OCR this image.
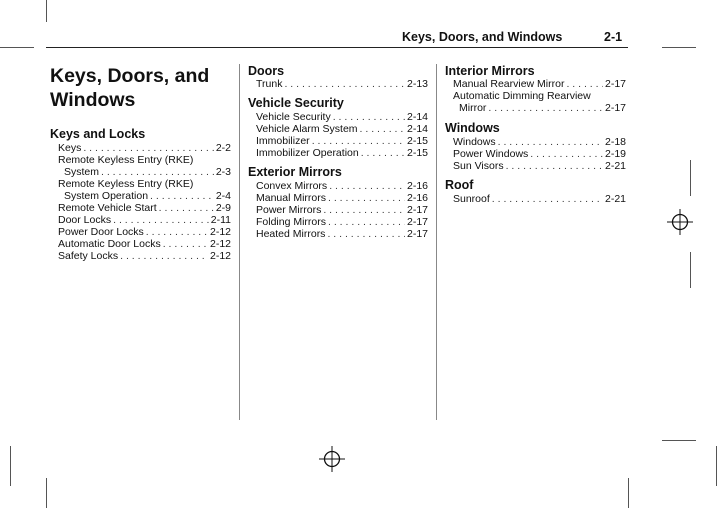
Keys, Doors, and Windows	2-1
Keys, Doors, and Windows
Keys and Locks
Keys . . .	2-2
Remote Keyless Entry (RKE)
System . . .	2-3
Remote Keyless Entry (RKE)
System Operation . . .	2-4
Remote Vehicle Start . . .	2-9
Door Locks . . .	2-11
Power Door Locks . . .	2-12
Automatic Door Locks . . .	2-12
Safety Locks . . .	2-12
Doors
Trunk . . .	2-13
Vehicle Security
Vehicle Security . . .	2-14
Vehicle Alarm System . . .	2-14
Immobilizer . . .	2-15
Immobilizer Operation . . .	2-15
Exterior Mirrors
Convex Mirrors . . .	2-16
Manual Mirrors . . .	2-16
Power Mirrors . . .	2-17
Folding Mirrors . . .	2-17
Heated Mirrors . . .	2-17
Interior Mirrors
Manual Rearview Mirror . . .	2-17
Automatic Dimming Rearview
Mirror . . .	2-17
Windows
Windows . . .	2-18
Power Windows . . .	2-19
Sun Visors . . .	2-21
Roof
Sunroof . . .	2-21
